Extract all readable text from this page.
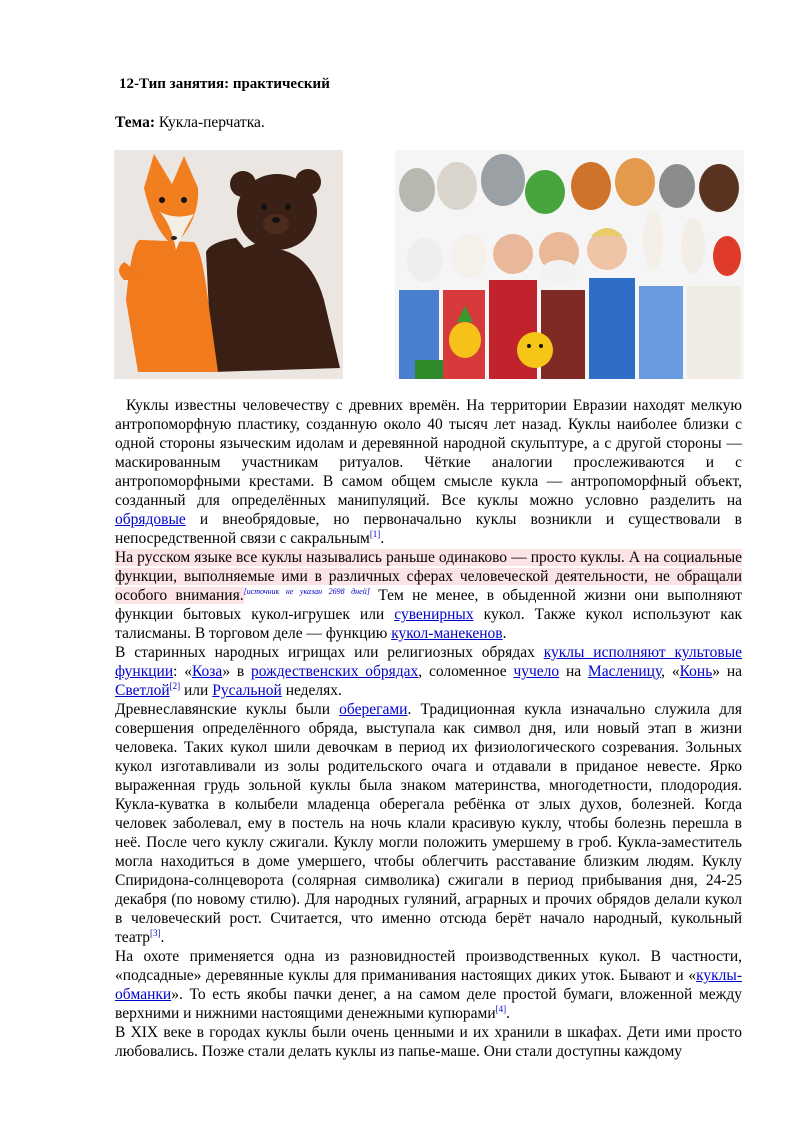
12-Тип занятия: практический
Тема: Кукла-перчатка.

Куклы известны человечеству с древних времён. На территории Евразии находят мелкую антропоморфную пластику, созданную около 40 тысяч лет назад. Куклы наиболее близки с одной стороны языческим идолам и деревянной народной скульптуре, а с другой стороны — маскированным участникам ритуалов. Чёткие аналогии прослеживаются и с антропоморфными крестами. В самом общем смысле кукла — антропоморфный объект, созданный для определённых манипуляций. Все куклы можно условно разделить на обрядовые и внеобрядовые, но первоначально куклы возникли и существовали в непосредственной связи с сакральным[1].

На русском языке все куклы назывались раньше одинаково — просто куклы. А на социальные функции, выполняемые ими в различных сферах человеческой деятельности, не обращали особого внимания.[источник не указан 2698 дней] Тем не менее, в обыденной жизни они выполняют функции бытовых кукол-игрушек или сувенирных кукол. Также кукол используют как талисманы. В торговом деле — функцию кукол-манекенов.

В старинных народных игрищах или религиозных обрядах куклы исполняют культовые функции: «Коза» в рождественских обрядах, соломенное чучело на Масленицу, «Конь» на Светлой[2] или Русальной неделях.

Древнеславянские куклы были оберегами. Традиционная кукла изначально служила для совершения определённого обряда, выступала как символ дня, или новый этап в жизни человека. Таких кукол шили девочкам в период их физиологического созревания. Зольных кукол изготавливали из золы родительского очага и отдавали в приданое невесте. Ярко выраженная грудь зольной куклы была знаком материнства, многодетности, плодородия. Кукла-куватка в колыбели младенца оберегала ребёнка от злых духов, болезней. Когда человек заболевал, ему в постель на ночь клали красивую куклу, чтобы болезнь перешла в неё. После чего куклу сжигали. Куклу могли положить умершему в гроб. Кукла-заместитель могла находиться в доме умершего, чтобы облегчить расставание близким людям. Куклу Спиридона-солнцеворота (солярная символика) сжигали в период прибывания дня, 24-25 декабря (по новому стилю). Для народных гуляний, аграрных и прочих обрядов делали кукол в человеческий рост. Считается, что именно отсюда берёт начало народный, кукольный театр[3].

На охоте применяется одна из разновидностей производственных кукол. В частности, «подсадные» деревянные куклы для приманивания настоящих диких уток. Бывают и «куклы-обманки». То есть якобы пачки денег, а на самом деле простой бумаги, вложенной между верхними и нижними настоящими денежными купюрами[4].

В XIX веке в городах куклы были очень ценными и их хранили в шкафах. Дети ими просто любовались. Позже стали делать куклы из папье-маше. Они стали доступны каждому
